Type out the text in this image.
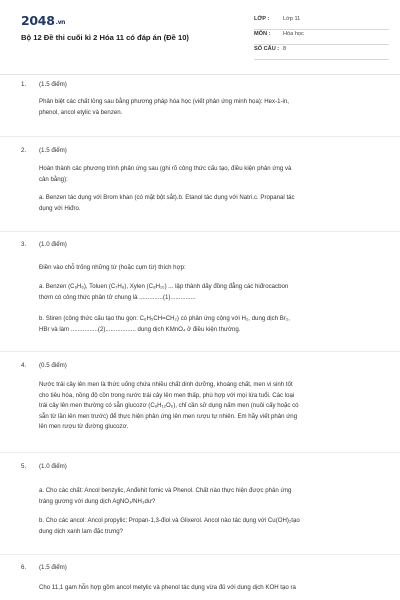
2048.vn
Bộ 12 Đề thi cuối kì 2 Hóa 11 có đáp án (Đề 10)
LỚP : Lớp 11
MÔN : Hóa học
SỐ CÂU : 8
1. (1.5 điểm)

Phân biệt các chất lỏng sau bằng phương pháp hóa học (viết phản ứng minh họa): Hex-1-in,

phenol, ancol etylic và benzen.

2. (1.5 điểm)

Hoàn thành các phương trình phản ứng sau (ghi rõ công thức cấu tạo, điều kiện phản ứng và

cân bằng):

a. Benzen tác dụng với Brom khan (có mặt bột sắt).b. Etanol tác dụng với Natri.c. Propanal tác

dụng với Hiđro.

3. (1.0 điểm)

Điền vào chỗ trống những từ (hoặc cụm từ) thích hợp:

a. Benzen (C₆H₆), Toluen (C₇H₈), Xylen (C₈H₁₀) ... lập thành dãy đồng đẳng các hiđrocacbon

thơm có công thức phân tử chung là ..............(1)...............

b. Stiren (công thức cấu tạo thu gọn: C₆H₅CH=CH₂) có phản ứng cộng với H₂, dung dịch Br₂,

HBr và làm ................(2).................. dung dịch KMnO₄ ở điều kiện thường.

4. (0.5 điểm)

Nước trái cây lên men là thức uống chứa nhiều chất dinh dưỡng, khoáng chất, men vi sinh tốt

cho tiêu hóa, nồng độ cồn trong nước trái cây lên men thấp, phù hợp với mọi lứa tuổi. Các loại

trái cây lên men thường có sẵn glucozơ (C₆H₁₂O₆), chỉ cần sử dụng nấm men (nuôi cấy hoặc có

sẵn từ lần lên men trước) để thực hiện phản ứng lên men rượu tự nhiên. Em hãy viết phản ứng

lên men rượu từ đường glucozơ.

5. (1.0 điểm)

a. Cho các chất: Ancol benzylic, Anđehit fomic và Phenol. Chất nào thực hiện được phản ứng

tráng gương với dung dịch AgNO₃/NH₃dư?

b. Cho các ancol: Ancol propylic; Propan-1,3-điol và Glixerol. Ancol nào tác dụng với Cu(OH)₂tạo

dung dịch xanh lam đặc trưng?

6. (1.5 điểm)

Cho 11,1 gam hỗn hợp gồm ancol metylic và phenol tác dụng vừa đủ với dung dịch KOH tạo ra
